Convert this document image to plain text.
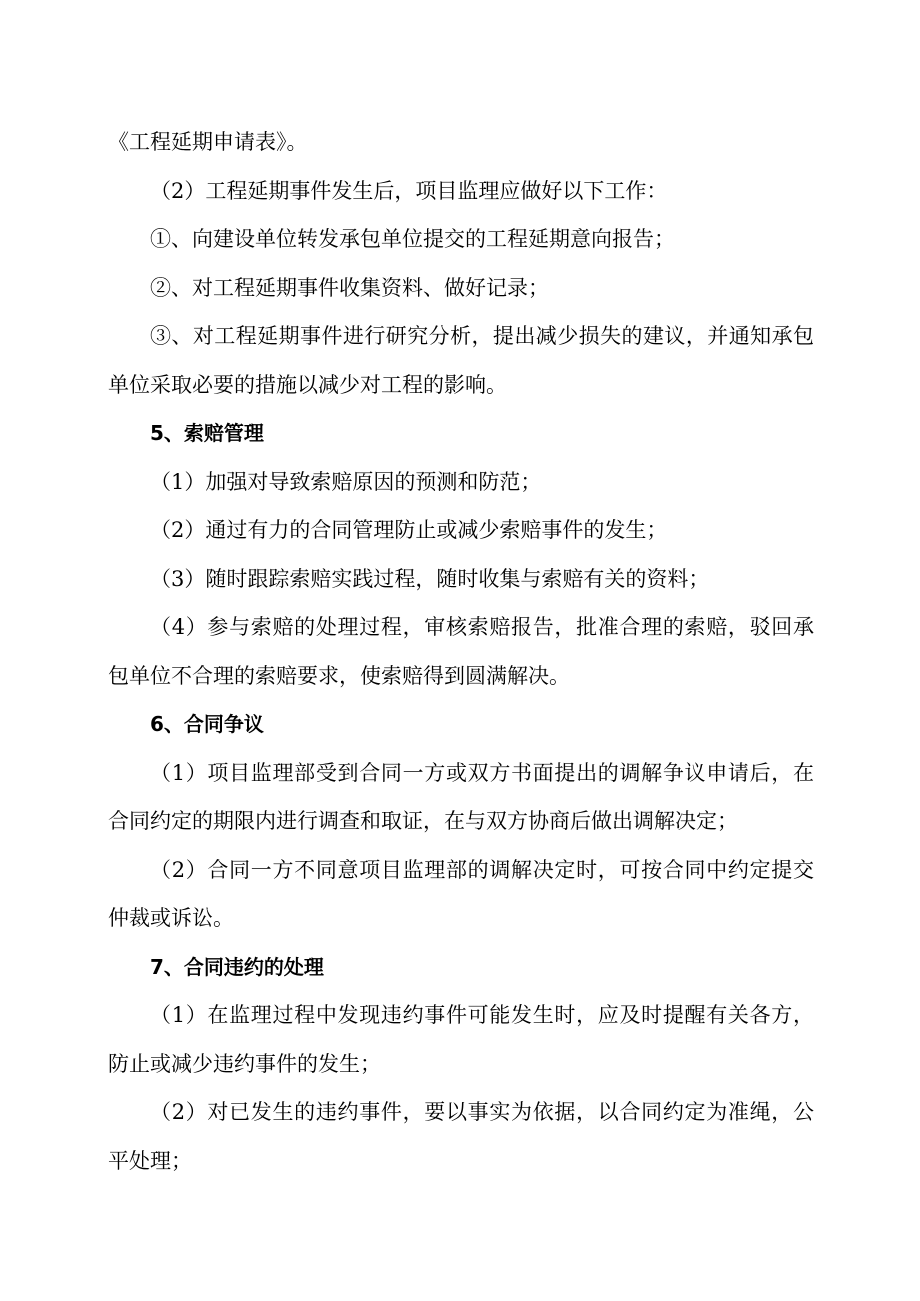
《工程延期申请表》。

（2）工程延期事件发生后，项目监理应做好以下工作：

①、向建设单位转发承包单位提交的工程延期意向报告；

②、对工程延期事件收集资料、做好记录；

③、对工程延期事件进行研究分析，提出减少损失的建议，并通知承包单位采取必要的措施以减少对工程的影响。

5、索赔管理

（1）加强对导致索赔原因的预测和防范；

（2）通过有力的合同管理防止或减少索赔事件的发生；

（3）随时跟踪索赔实践过程，随时收集与索赔有关的资料；

（4）参与索赔的处理过程，审核索赔报告，批准合理的索赔，驳回承包单位不合理的索赔要求，使索赔得到圆满解决。

6、合同争议

（1）项目监理部受到合同一方或双方书面提出的调解争议申请后，在合同约定的期限内进行调查和取证，在与双方协商后做出调解决定；

（2）合同一方不同意项目监理部的调解决定时，可按合同中约定提交仲裁或诉讼。

7、合同违约的处理

（1）在监理过程中发现违约事件可能发生时，应及时提醒有关各方，防止或减少违约事件的发生；

（2）对已发生的违约事件，要以事实为依据，以合同约定为准绳，公平处理；
